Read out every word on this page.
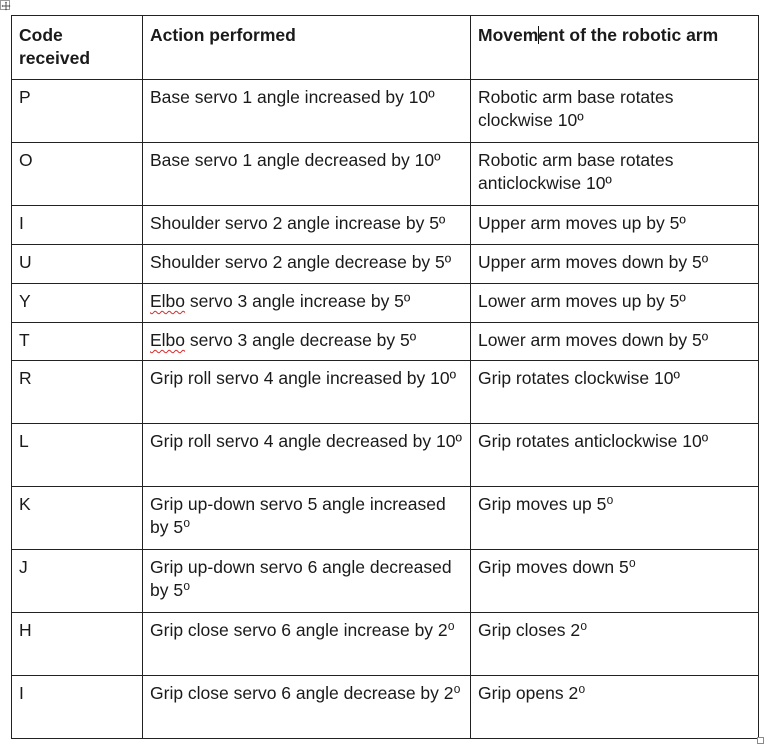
Code received	Action performed	Movement of the robotic arm
P	Base servo 1 angle increased by 10º	Robotic arm base rotates clockwise 10º
O	Base servo 1 angle decreased by 10º	Robotic arm base rotates anticlockwise 10º
I	Shoulder servo 2 angle increase by 5º	Upper arm moves up by 5º
U	Shoulder servo 2 angle decrease by 5º	Upper arm moves down by 5º
Y	Elbo servo 3 angle increase by 5º	Lower arm moves up by 5º
T	Elbo servo 3 angle decrease by 5º	Lower arm moves down by 5º
R	Grip roll servo 4 angle increased by 10º	Grip rotates clockwise 10º
L	Grip roll servo 4 angle decreased by 10º	Grip rotates anticlockwise 10º
K	Grip up-down servo 5 angle increased by 5⁰	Grip moves up 5⁰
J	Grip up-down servo 6 angle decreased by 5⁰	Grip moves down 5⁰
H	Grip close servo 6 angle increase by 2⁰	Grip closes 2⁰
I	Grip close servo 6 angle decrease by 2⁰	Grip opens 2⁰
